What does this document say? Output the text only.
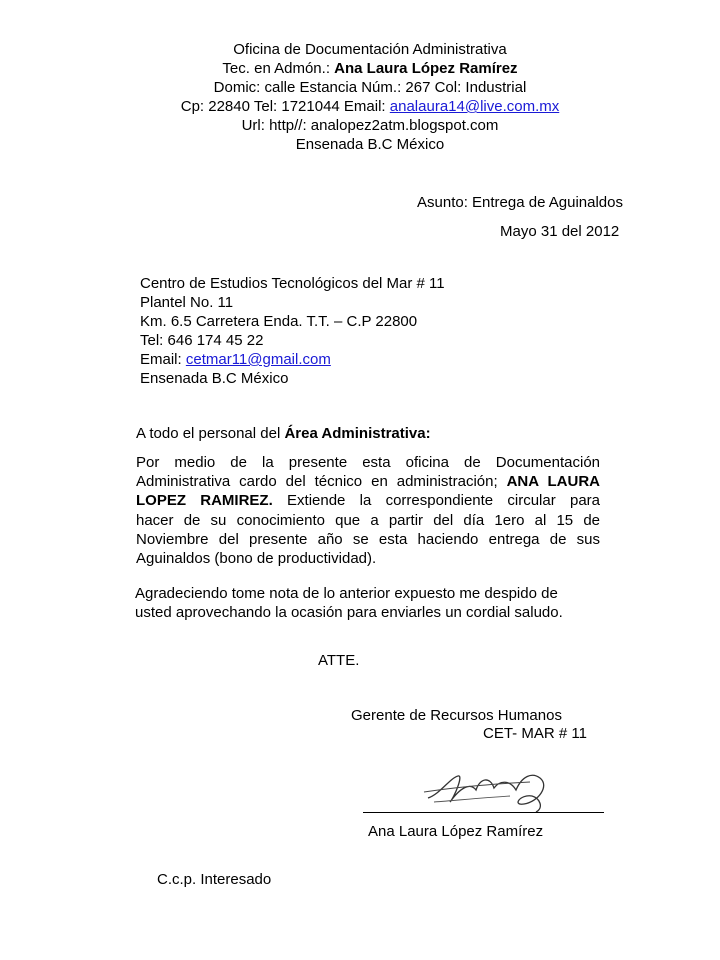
Oficina de Documentación Administrativa
Tec. en Admón.: Ana Laura López Ramírez
Domic: calle Estancia Núm.: 267 Col: Industrial
Cp: 22840 Tel: 1721044 Email: analaura14@live.com.mx
Url: http//: analopez2atm.blogspot.com
Ensenada B.C México
Asunto: Entrega de Aguinaldos
Mayo 31 del 2012
Centro de Estudios Tecnológicos del Mar # 11
Plantel No. 11
Km. 6.5 Carretera Enda. T.T. – C.P 22800
Tel: 646 174 45 22
Email: cetmar11@gmail.com
Ensenada B.C México
A todo el personal del Área Administrativa:
Por medio de la presente esta oficina de Documentación
Administrativa cardo del técnico en administración; ANA LAURA
LOPEZ RAMIREZ. Extiende la correspondiente circular para
hacer de su conocimiento que a partir del día 1ero al 15 de
Noviembre del presente año se esta haciendo entrega de sus
Aguinaldos (bono de productividad).
Agradeciendo tome nota de lo anterior expuesto me despido de
usted aprovechando la ocasión para enviarles un cordial saludo.
ATTE.
Gerente de Recursos Humanos
CET- MAR # 11
Ana Laura López Ramírez
C.c.p. Interesado
